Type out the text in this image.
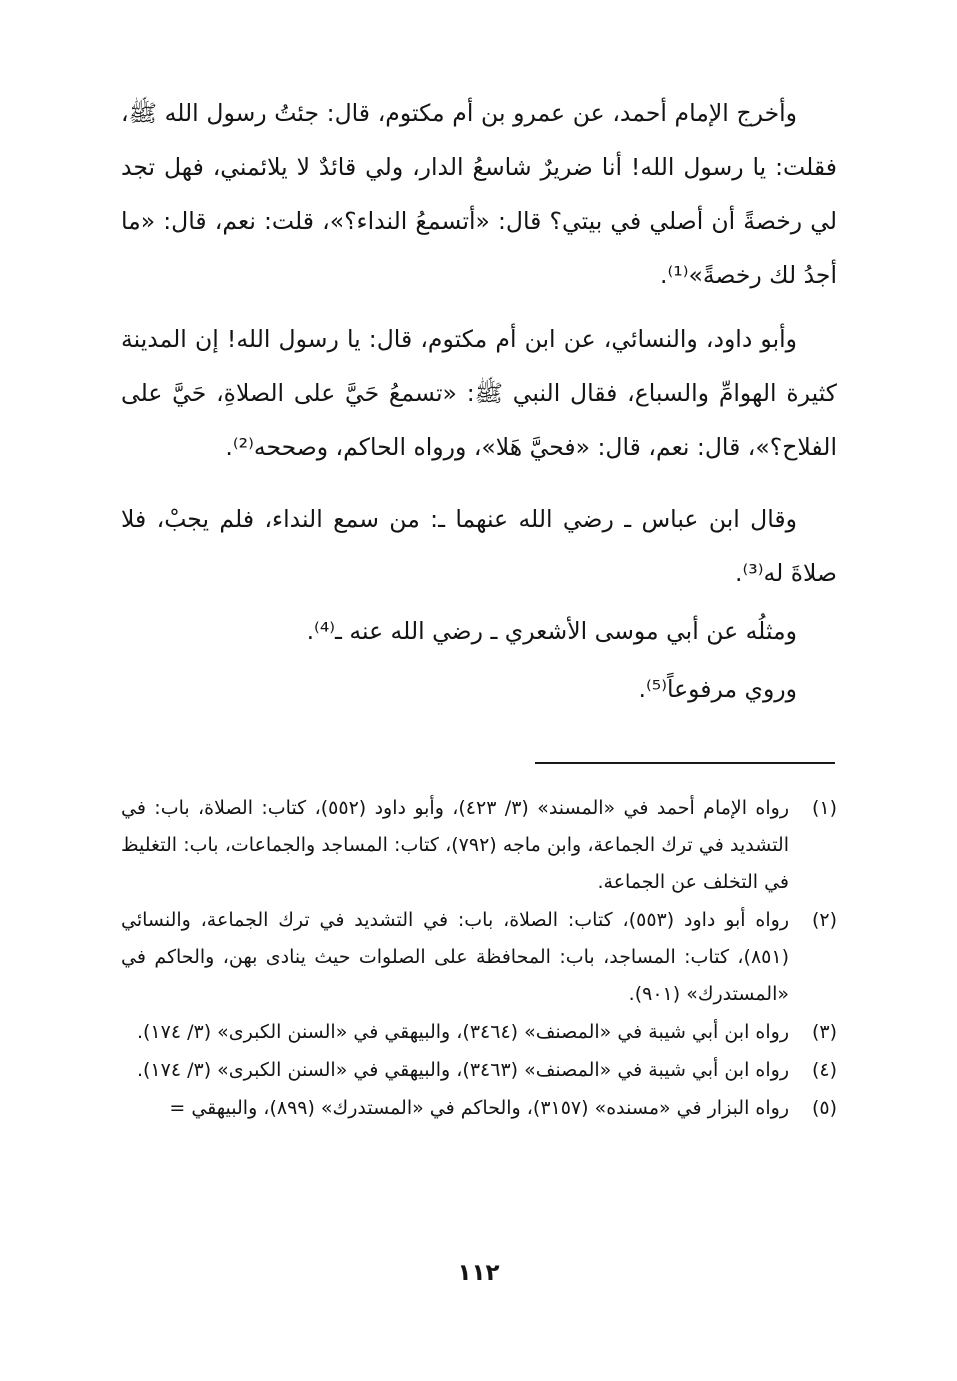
وأخرج الإمام أحمد، عن عمرو بن أم مكتوم، قال: جئتُ رسول الله ﷺ، فقلت: يا رسول الله! أنا ضريرٌ شاسعُ الدار، ولي قائدٌ لا يلائمني، فهل تجد لي رخصةً أن أصلي في بيتي؟ قال: «أتسمعُ النداء؟»، قلت: نعم، قال: «ما أجدُ لك رخصةً»⁽¹⁾.

وأبو داود، والنسائي، عن ابن أم مكتوم، قال: يا رسول الله! إن المدينة كثيرة الهوامِّ والسباع، فقال النبي ﷺ: «تسمعُ حَيَّ على الصلاةِ، حَيَّ على الفلاح؟»، قال: نعم، قال: «فحيَّ هَلا»، ورواه الحاكم، وصححه⁽²⁾.

وقال ابن عباس ـ رضي الله عنهما ـ: من سمع النداء، فلم يجبْ، فلا صلاةَ له⁽³⁾.

ومثلُه عن أبي موسى الأشعري ـ رضي الله عنه ـ⁽⁴⁾.

وروي مرفوعاً⁽⁵⁾.

(١)
رواه الإمام أحمد في «المسند» (٣/ ٤٢٣)، وأبو داود (٥٥٢)، كتاب: الصلاة، باب: في التشديد في ترك الجماعة، وابن ماجه (٧٩٢)، كتاب: المساجد والجماعات، باب: التغليظ في التخلف عن الجماعة.
(٢)
رواه أبو داود (٥٥٣)، كتاب: الصلاة، باب: في التشديد في ترك الجماعة، والنسائي (٨٥١)، كتاب: المساجد، باب: المحافظة على الصلوات حيث ينادى بهن، والحاكم في «المستدرك» (٩٠١).
(٣)
رواه ابن أبي شيبة في «المصنف» (٣٤٦٤)، والبيهقي في «السنن الكبرى» (٣/ ١٧٤).
(٤)
رواه ابن أبي شيبة في «المصنف» (٣٤٦٣)، والبيهقي في «السنن الكبرى» (٣/ ١٧٤).
(٥)
رواه البزار في «مسنده» (٣١٥٧)، والحاكم في «المستدرك» (٨٩٩)، والبيهقي =
١١٢
